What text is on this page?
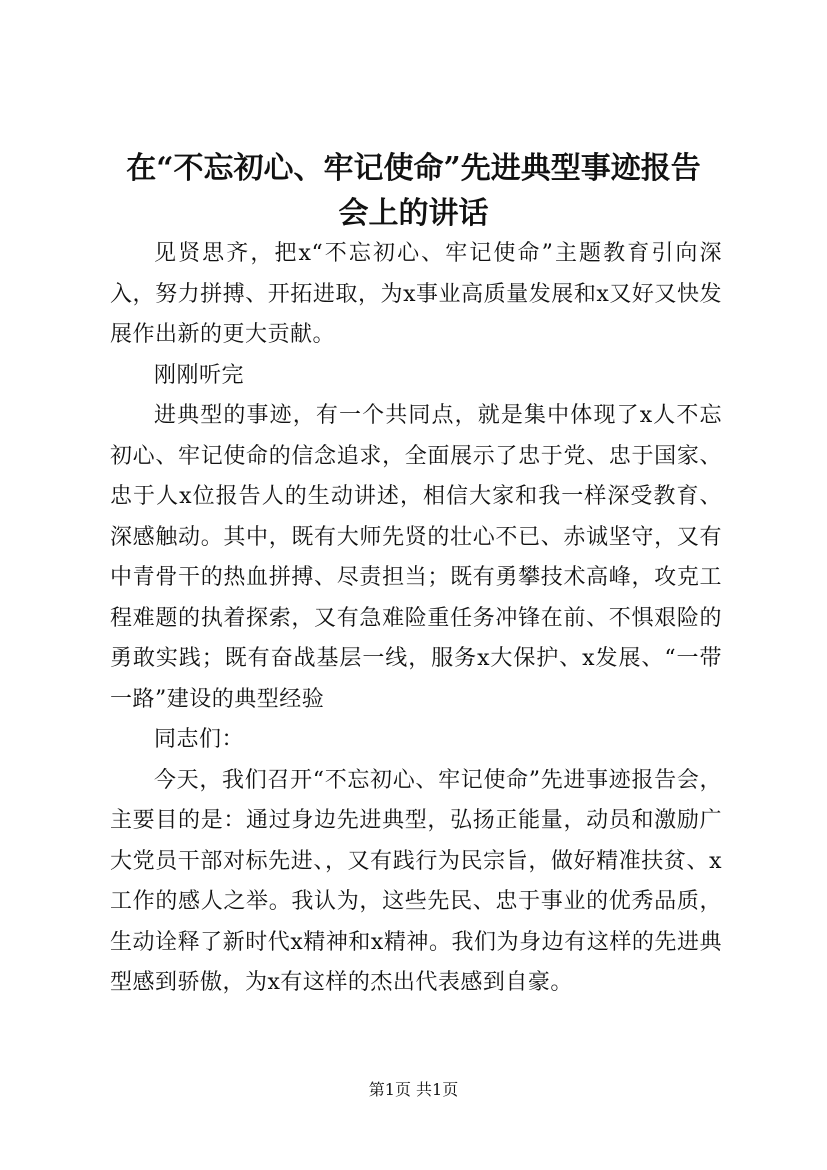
在“不忘初心、牢记使命”先进典型事迹报告
会上的讲话

见贤思齐，把x“不忘初心、牢记使命”主题教育引向深入，努力拼搏、开拓进取，为x事业高质量发展和x又好又快发展作出新的更大贡献。

刚刚听完

进典型的事迹，有一个共同点，就是集中体现了x人不忘初心、牢记使命的信念追求，全面展示了忠于党、忠于国家、忠于人x位报告人的生动讲述，相信大家和我一样深受教育、深感触动。其中，既有大师先贤的壮心不已、赤诚坚守，又有中青骨干的热血拼搏、尽责担当；既有勇攀技术高峰，攻克工程难题的执着探索，又有急难险重任务冲锋在前、不惧艰险的勇敢实践；既有奋战基层一线，服务x大保护、x发展、“一带一路”建设的典型经验

同志们：

今天，我们召开“不忘初心、牢记使命”先进事迹报告会，主要目的是：通过身边先进典型，弘扬正能量，动员和激励广大党员干部对标先进、，又有践行为民宗旨，做好精准扶贫、x工作的感人之举。我认为，这些先民、忠于事业的优秀品质，生动诠释了新时代x精神和x精神。我们为身边有这样的先进典型感到骄傲，为x有这样的杰出代表感到自豪。

第1页 共1页
